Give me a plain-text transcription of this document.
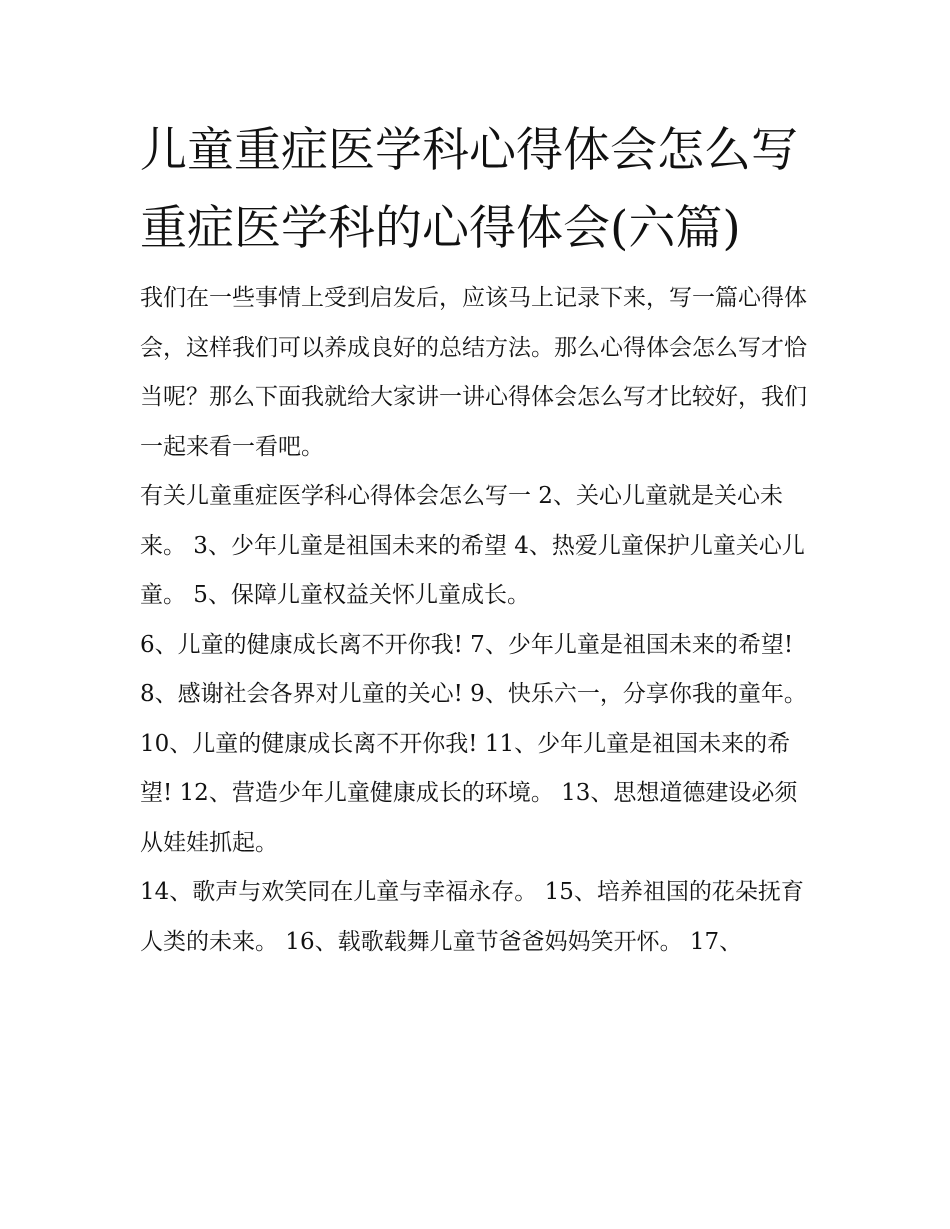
儿童重症医学科心得体会怎么写 重症医学科的心得体会(六篇)

我们在一些事情上受到启发后，应该马上记录下来，写一篇心得体会，这样我们可以养成良好的总结方法。那么心得体会怎么写才恰当呢？那么下面我就给大家讲一讲心得体会怎么写才比较好，我们一起来看一看吧。

有关儿童重症医学科心得体会怎么写一 2、关心儿童就是关心未来。 3、少年儿童是祖国未来的希望 4、热爱儿童保护儿童关心儿童。 5、保障儿童权益关怀儿童成长。

6、儿童的健康成长离不开你我! 7、少年儿童是祖国未来的希望! 8、感谢社会各界对儿童的关心! 9、快乐六一，分享你我的童年。

10、儿童的健康成长离不开你我! 11、少年儿童是祖国未来的希望! 12、营造少年儿童健康成长的环境。 13、思想道德建设必须从娃娃抓起。

14、歌声与欢笑同在儿童与幸福永存。 15、培养祖国的花朵抚育人类的未来。 16、载歌载舞儿童节爸爸妈妈笑开怀。 17、
